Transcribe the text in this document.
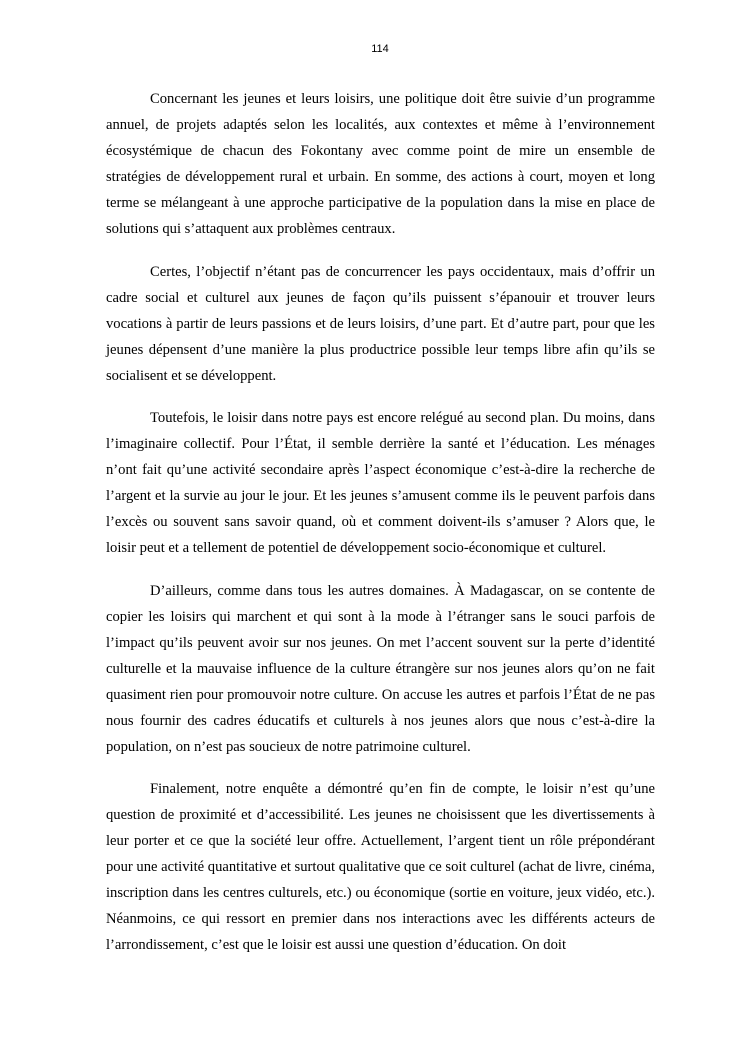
114

Concernant les jeunes et leurs loisirs, une politique doit être suivie d’un programme annuel, de projets adaptés selon les localités, aux contextes et même à l’environnement écosystémique de chacun des Fokontany avec comme point de mire un ensemble de stratégies de développement rural et urbain. En somme, des actions à court, moyen et long terme se mélangeant à une approche participative de la population dans la mise en place de solutions qui s’attaquent aux problèmes centraux.

Certes, l’objectif n’étant pas de concurrencer les pays occidentaux, mais d’offrir un cadre social et culturel aux jeunes de façon qu’ils puissent s’épanouir et trouver leurs vocations à partir de leurs passions et de leurs loisirs, d’une part. Et d’autre part, pour que les jeunes dépensent d’une manière la plus productrice possible leur temps libre afin qu’ils se socialisent et se développent.

Toutefois, le loisir dans notre pays est encore relégué au second plan. Du moins, dans l’imaginaire collectif. Pour l’État, il semble derrière la santé et l’éducation. Les ménages n’ont fait qu’une activité secondaire après l’aspect économique c’est-à-dire la recherche de l’argent et la survie au jour le jour. Et les jeunes s’amusent comme ils le peuvent parfois dans l’excès ou souvent sans savoir quand, où et comment doivent-ils s’amuser ? Alors que, le loisir peut et a tellement de potentiel de développement socio-économique et culturel.

D’ailleurs, comme dans tous les autres domaines. À Madagascar, on se contente de copier les loisirs qui marchent et qui sont à la mode à l’étranger sans le souci parfois de l’impact qu’ils peuvent avoir sur nos jeunes. On met l’accent souvent sur la perte d’identité culturelle et la mauvaise influence de la culture étrangère sur nos jeunes alors qu’on ne fait quasiment rien pour promouvoir notre culture. On accuse les autres et parfois l’État de ne pas nous fournir des cadres éducatifs et culturels à nos jeunes alors que nous c’est-à-dire la population, on n’est pas soucieux de notre patrimoine culturel.

Finalement, notre enquête a démontré qu’en fin de compte, le loisir n’est qu’une question de proximité et d’accessibilité. Les jeunes ne choisissent que les divertissements à leur porter et ce que la société leur offre. Actuellement, l’argent tient un rôle prépondérant pour une activité quantitative et surtout qualitative que ce soit culturel (achat de livre, cinéma, inscription dans les centres culturels, etc.) ou économique (sortie en voiture, jeux vidéo, etc.). Néanmoins, ce qui ressort en premier dans nos interactions avec les différents acteurs de l’arrondissement, c’est que le loisir est aussi une question d’éducation. On doit
